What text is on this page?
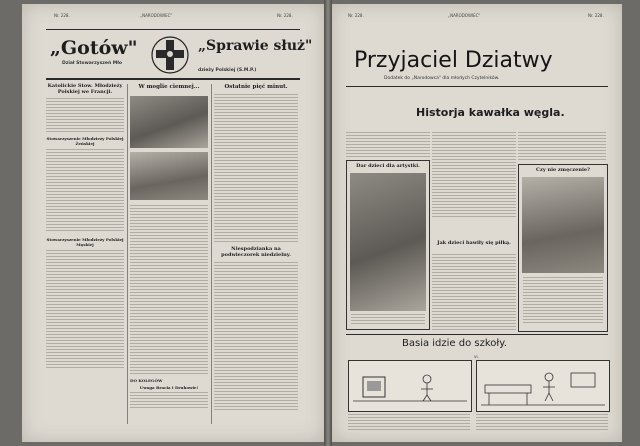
Nr. 228.	„NARODOWIEC"	Nr. 228.
„Gotów"	„Sprawie służ"
Dział Stowarzyszeń Mło
dzieży Polskiej (S.M.P.)
Katolickie Stow. Młodzieży Polskiej we Francji.
Stowarzyszenie Młodzieży Polskiej Żeńskiej
Stowarzyszenie Młodzieży Polskiej Męskiej
W moglie ciemnej...
DO KOLEGÓW
Uwaga Bracia i Druhowie!
Ostatnie pięć minut.
Niespodzianka na podwieczorek niedzielny.
Nr. 228.	„NARODOWIEC"	Nr. 228.
Przyjaciel Dziatwy
Dodatek do „Narodowca" dla młodych Czytelników.
Historja kawałka węgla.
Dar dzieci dla artystki.
Jak dzieci bawiły się piłką.
Czy nie zmęczenie?
Basia idzie do szkoły.
VI.
